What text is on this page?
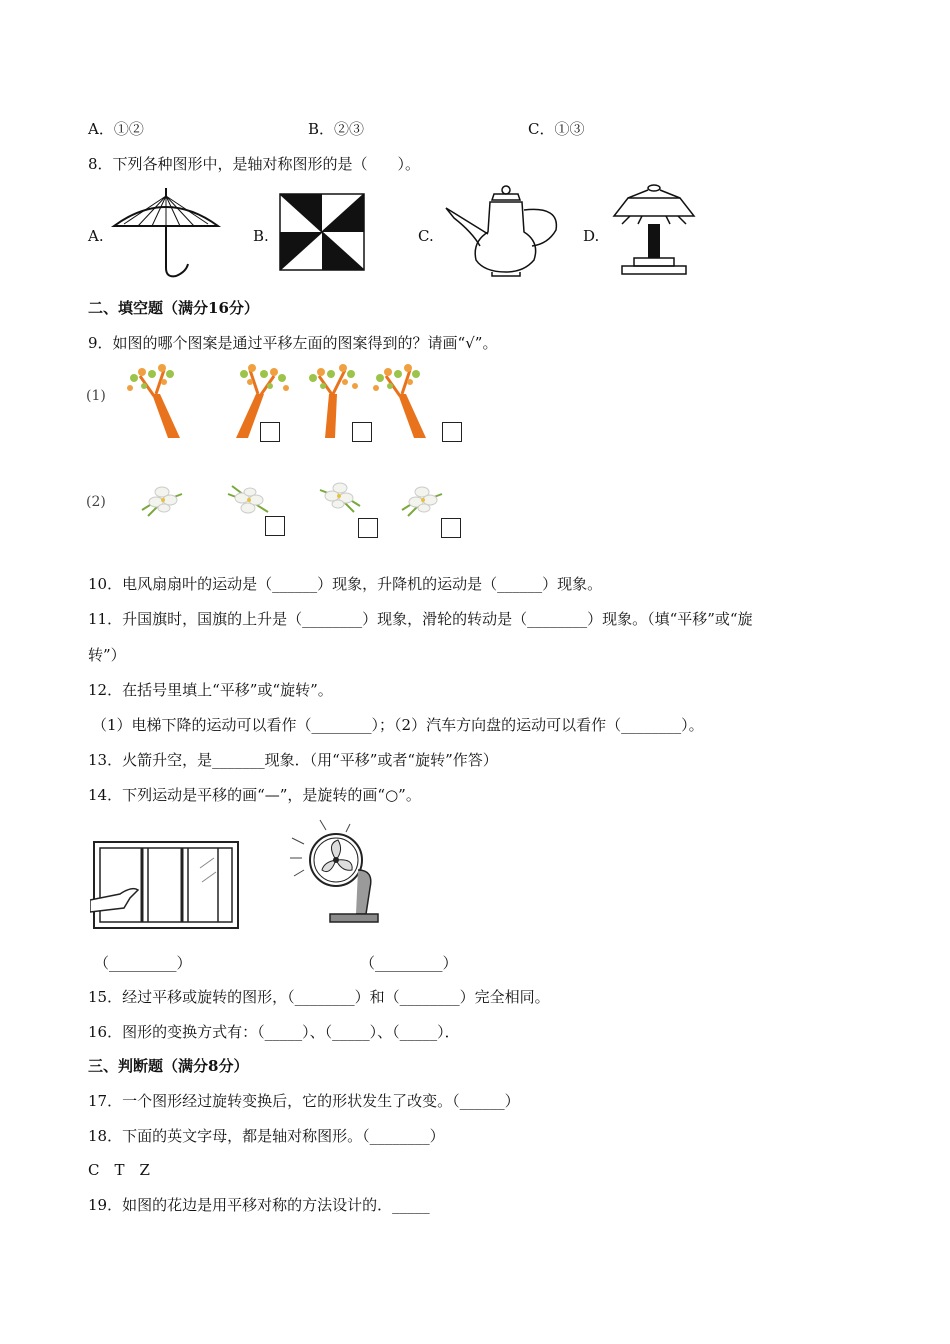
A．①②	B．②③	C．①③
8．下列各种图形中，是轴对称图形的是（　　）。
A.	B.	C.	D.
二、填空题（满分16分）
9．如图的哪个图案是通过平移左面的图案得到的？请画“√”。
(1)
(2)
10．电风扇扇叶的运动是（______）现象，升降机的运动是（______）现象。
11．升国旗时，国旗的上升是（________）现象，滑轮的转动是（________）现象。（填“平移”或“旋
转”）
12．在括号里填上“平移”或“旋转”。
（1）电梯下降的运动可以看作（________）；（2）汽车方向盘的运动可以看作（________）。
13．火箭升空，是_______现象．（用“平移”或者“旋转”作答）
14．下列运动是平移的画“—”，是旋转的画“○”。
（_________）	（_________）
15．经过平移或旋转的图形，（________）和（________）完全相同。
16．图形的变换方式有：（_____）、（_____）、（_____）．
三、判断题（满分8分）
17．一个图形经过旋转变换后，它的形状发生了改变。（______）
18．下面的英文字母，都是轴对称图形。（________）
C　T　Z
19．如图的花边是用平移对称的方法设计的．_____
